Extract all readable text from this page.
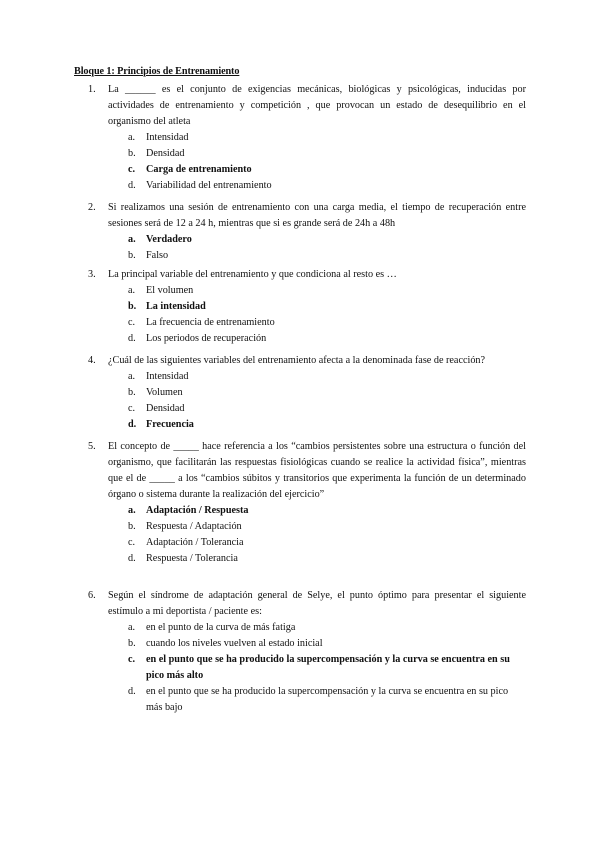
Bloque 1: Principios de Entrenamiento
1. La ______ es el conjunto de exigencias mecánicas, biológicas y psicológicas, inducidas por actividades de entrenamiento y competición , que provocan un estado de desequilibrio en el organismo del atleta
a. Intensidad
b. Densidad
c. Carga de entrenamiento
d. Variabilidad del entrenamiento
2. Si realizamos una sesión de entrenamiento con una carga media, el tiempo de recuperación entre sesiones será de 12 a 24 h, mientras que si es grande será de 24h a 48h
a. Verdadero
b. Falso
3. La principal variable del entrenamiento y que condiciona al resto es …
a. El volumen
b. La intensidad
c. La frecuencia de entrenamiento
d. Los periodos de recuperación
4. ¿Cuál de las siguientes variables del entrenamiento afecta a la denominada fase de reacción?
a. Intensidad
b. Volumen
c. Densidad
d. Frecuencia
5. El concepto de _____ hace referencia a los “cambios persistentes sobre una estructura o función del organismo, que facilitarán las respuestas fisiológicas cuando se realice la actividad física”, mientras que el de _____ a los “cambios súbitos y transitorios que experimenta la función de un determinado órgano o sistema durante la realización del ejercicio”
a. Adaptación / Respuesta
b. Respuesta / Adaptación
c. Adaptación / Tolerancia
d. Respuesta / Tolerancia
6. Según el síndrome de adaptación general de Selye, el punto óptimo para presentar el siguiente estímulo a mi deportista / paciente es:
a. en el punto de la curva de más fatiga
b. cuando los niveles vuelven al estado inicial
c. en el punto que se ha producido la supercompensación y la curva se encuentra en su pico más alto
d. en el punto que se ha producido la supercompensación y la curva se encuentra en su pico más bajo
